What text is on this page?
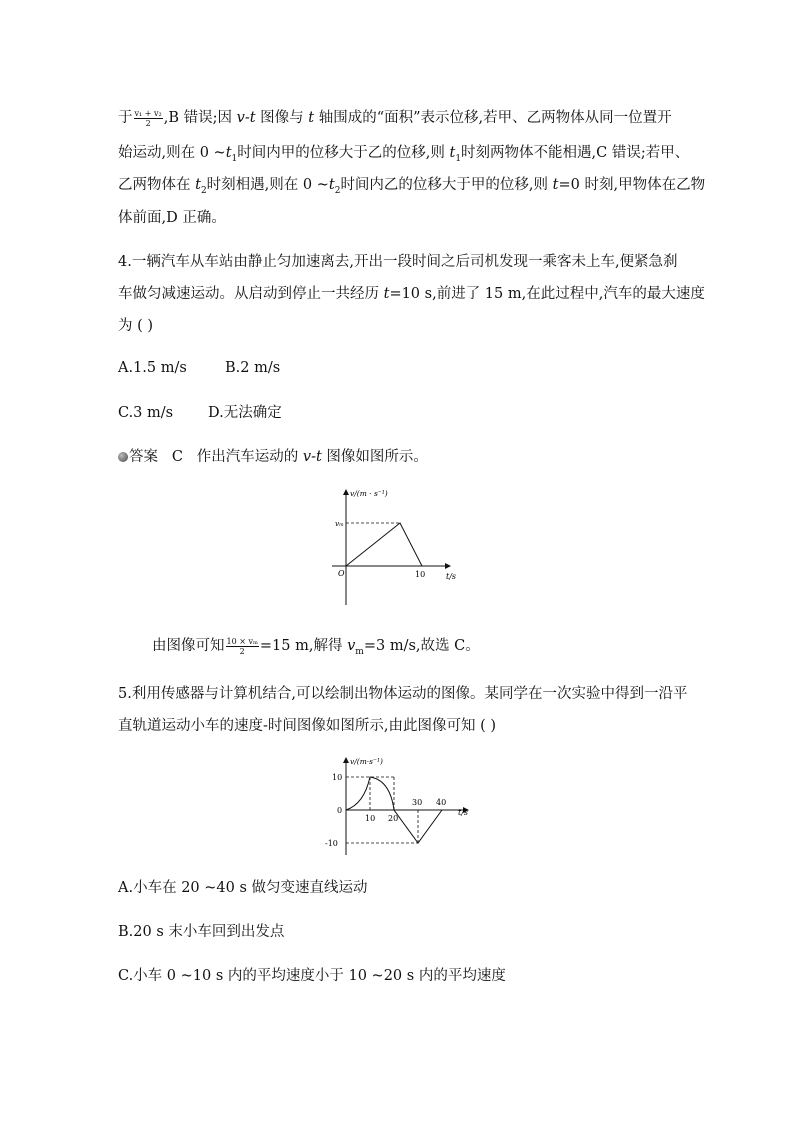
于 $\frac{\text{v₁ + v₂}}{2} ,B$ 错误;因 v-t 图像与 t 轴围成的“面积”表示位移,若甲、乙两物体从同一位置开
始运动,则在 0 $\sim t_1$时间内甲的位移大于乙的位移,则 $t_1$时刻两物体不能相遇,C 错误;若甲、
乙两物体在 $t_2$时刻相遇,则在 0 $\sim t_2$时间内乙的位移大于甲的位移,则 t=0 时刻,甲物体在乙物
体前面,D 正确。
4.一辆汽车从车站由静止匀加速离去,开出一段时间之后司机发现一乘客未上车,便紧急刹
车做匀减速运动。从启动到停止一共经历 t=10 s,前进了 15 m,在此过程中,汽车的最大速度
为 ( )
A.1.5 m/s	B.2 m/s
C.3 m/s D.无法确定
答案 C 作出汽车运动的 v-t 图像如图所示。
v/(m · s⁻¹)
vₘ
O	10	t/s
由图像可知 $\frac{\text{10 × vₘ}}{2} =15$ m,解得 $v_m=3$ m/s,故选 C。
5.利用传感器与计算机结合,可以绘制出物体运动的图像。某同学在一次实验中得到一沿平
直轨道运动小车的速度-时间图像如图所示,由此图像可知 ( )
v/(m·s⁻¹)
10
0
-10
10 20
30 40
t/s
A.小车在 20 ~40 s 做匀变速直线运动
B.20 s 末小车回到出发点
C.小车 0 ~10 s 内的平均速度小于 10 ~20 s 内的平均速度
